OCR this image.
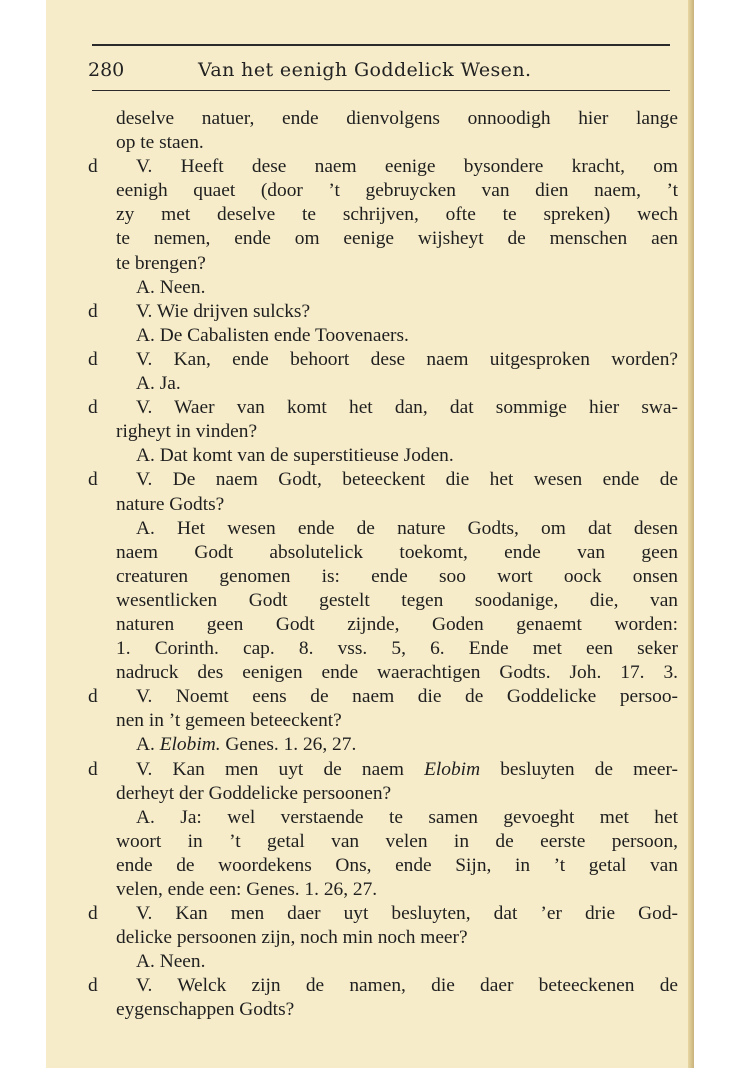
280	Van het eenigh Goddelick Wesen.
deselve natuer, ende dienvolgens onnoodigh hier lange
op te staen.
d	V. Heeft dese naem eenige bysondere kracht, om
eenigh quaet (door ’t gebruycken van dien naem, ’t
zy met deselve te schrijven, ofte te spreken) wech
te nemen, ende om eenige wijsheyt de menschen aen
te brengen?
A. Neen.
d	V. Wie drijven sulcks?
A. De Cabalisten ende Toovenaers.
d	V. Kan, ende behoort dese naem uitgesproken worden?
A. Ja.
d	V. Waer van komt het dan, dat sommige hier swa-
righeyt in vinden?
A. Dat komt van de superstitieuse Joden.
d	V. De naem Godt, beteeckent die het wesen ende de
nature Godts?
A. Het wesen ende de nature Godts, om dat desen
naem Godt absolutelick toekomt, ende van geen
creaturen genomen is: ende soo wort oock onsen
wesentlicken Godt gestelt tegen soodanige, die, van
naturen geen Godt zijnde, Goden genaemt worden:
1. Corinth. cap. 8. vss. 5, 6. Ende met een seker
nadruck des eenigen ende waerachtigen Godts. Joh. 17. 3.
d	V. Noemt eens de naem die de Goddelicke persoo-
nen in ’t gemeen beteeckent?
A. Elobim. Genes. 1. 26, 27.
d	V. Kan men uyt de naem Elobim besluyten de meer-
derheyt der Goddelicke persoonen?
A. Ja: wel verstaende te samen gevoeght met het
woort in ’t getal van velen in de eerste persoon,
ende de woordekens Ons, ende Sijn, in ’t getal van
velen, ende een: Genes. 1. 26, 27.
d	V. Kan men daer uyt besluyten, dat ’er drie God-
delicke persoonen zijn, noch min noch meer?
A. Neen.
d	V. Welck zijn de namen, die daer beteeckenen de
eygenschappen Godts?
